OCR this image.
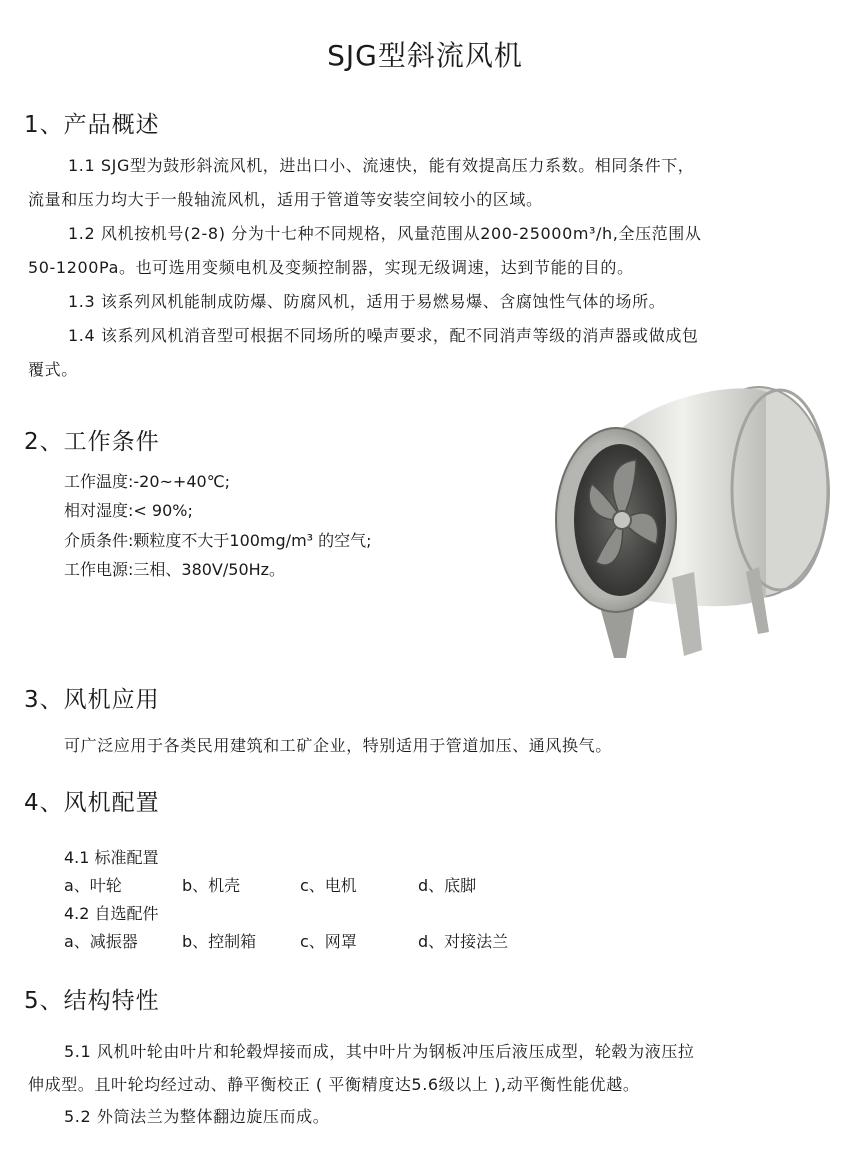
SJG型斜流风机
1、产品概述
1.1 SJG型为鼓形斜流风机，进出口小、流速快，能有效提高压力系数。相同条件下，
流量和压力均大于一般轴流风机，适用于管道等安装空间较小的区域。
1.2 风机按机号(2-8) 分为十七种不同规格，风量范围从200-25000m³/h,全压范围从
50-1200Pa。也可选用变频电机及变频控制器，实现无级调速，达到节能的目的。
1.3 该系列风机能制成防爆、防腐风机，适用于易燃易爆、含腐蚀性气体的场所。
1.4 该系列风机消音型可根据不同场所的噪声要求，配不同消声等级的消声器或做成包
覆式。
2、工作条件
工作温度:-20~+40℃;
相对湿度:< 90%;
介质条件:颗粒度不大于100mg/m³ 的空气;
工作电源:三相、380V/50Hz。
3、风机应用
可广泛应用于各类民用建筑和工矿企业，特别适用于管道加压、通风换气。
4、风机配置
4.1 标准配置
a、叶轮	b、机壳	c、电机	d、底脚
4.2 自选配件
a、减振器	b、控制箱	c、网罩	d、对接法兰
5、结构特性
5.1 风机叶轮由叶片和轮毂焊接而成，其中叶片为钢板冲压后液压成型，轮毂为液压拉
伸成型。且叶轮均经过动、静平衡校正 ( 平衡精度达5.6级以上 ),动平衡性能优越。
5.2 外筒法兰为整体翻边旋压而成。
